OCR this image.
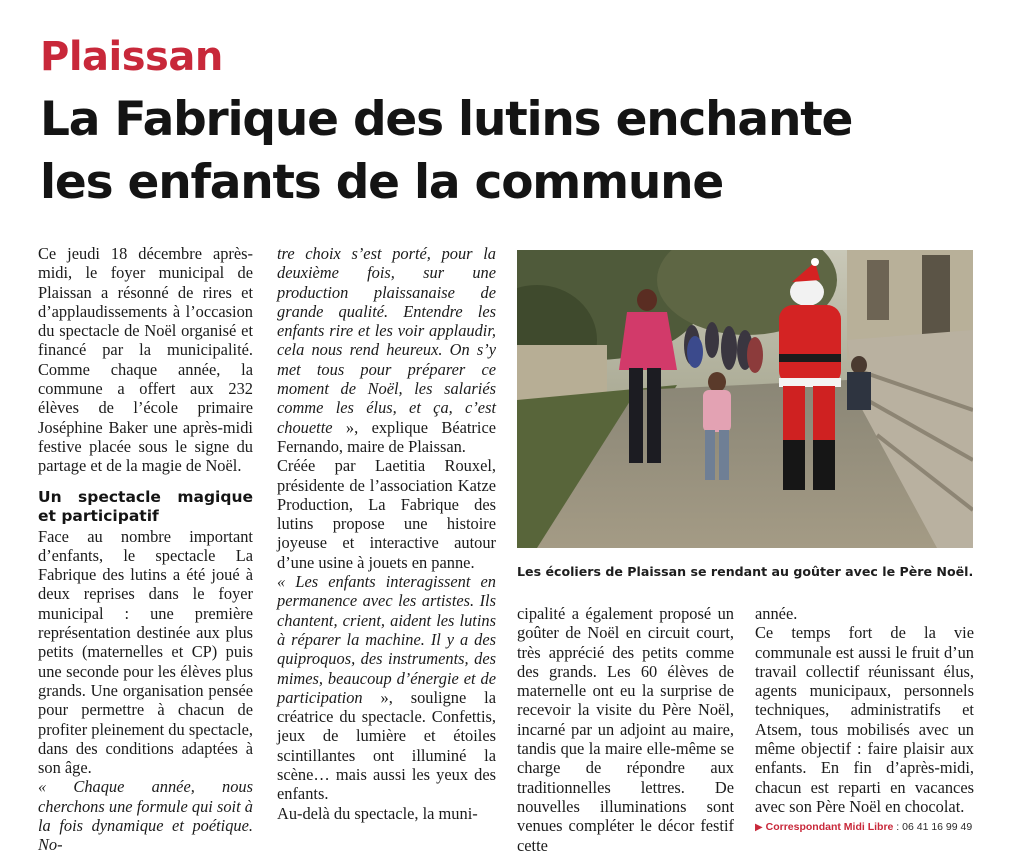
Plaissan
La Fabrique des lutins enchante
les enfants de la commune

Ce jeudi 18 décembre après-midi, le foyer municipal de Plaissan a résonné de rires et d’applaudissements à l’occasion du spectacle de Noël organisé et financé par la municipalité. Comme chaque année, la commune a offert aux 232 élèves de l’école primaire Joséphine Baker une après-midi festive placée sous le signe du partage et de la magie de Noël.

Un spectacle magique et participatif

Face au nombre important d’enfants, le spectacle La Fabrique des lutins a été joué à deux reprises dans le foyer municipal : une première représentation destinée aux plus petits (maternelles et CP) puis une seconde pour les élèves plus grands. Une organisation pensée pour permettre à chacun de profiter pleinement du spectacle, dans des conditions adaptées à son âge.

« Chaque année, nous cherchons une formule qui soit à la fois dynamique et poétique. No-

tre choix s’est porté, pour la deuxième fois, sur une production plaissanaise de grande qualité. Entendre les enfants rire et les voir applaudir, cela nous rend heureux. On s’y met tous pour préparer ce moment de Noël, les salariés comme les élus, et ça, c’est chouette », explique Béatrice Fernando, maire de Plaissan.

Créée par Laetitia Rouxel, présidente de l’association Katze Production, La Fabrique des lutins propose une histoire joyeuse et interactive autour d’une usine à jouets en panne.

« Les enfants interagissent en permanence avec les artistes. Ils chantent, crient, aident les lutins à réparer la machine. Il y a des quiproquos, des instruments, des mimes, beaucoup d’énergie et de participation », souligne la créatrice du spectacle. Confettis, jeux de lumière et étoiles scintillantes ont illuminé la scène… mais aussi les yeux des enfants.

Au-delà du spectacle, la muni-

Les écoliers de Plaissan se rendant au goûter avec le Père Noël.

cipalité a également proposé un goûter de Noël en circuit court, très apprécié des petits comme des grands. Les 60 élèves de maternelle ont eu la surprise de recevoir la visite du Père Noël, incarné par un adjoint au maire, tandis que la maire elle-même se charge de répondre aux traditionnelles lettres. De nouvelles illuminations sont venues compléter le décor festif cette

année.

Ce temps fort de la vie communale est aussi le fruit d’un travail collectif réunissant élus, agents municipaux, personnels techniques, administratifs et Atsem, tous mobilisés avec un même objectif : faire plaisir aux enfants. En fin d’après-midi, chacun est reparti en vacances avec son Père Noël en chocolat.

▶ Correspondant Midi Libre : 06 41 16 99 49
